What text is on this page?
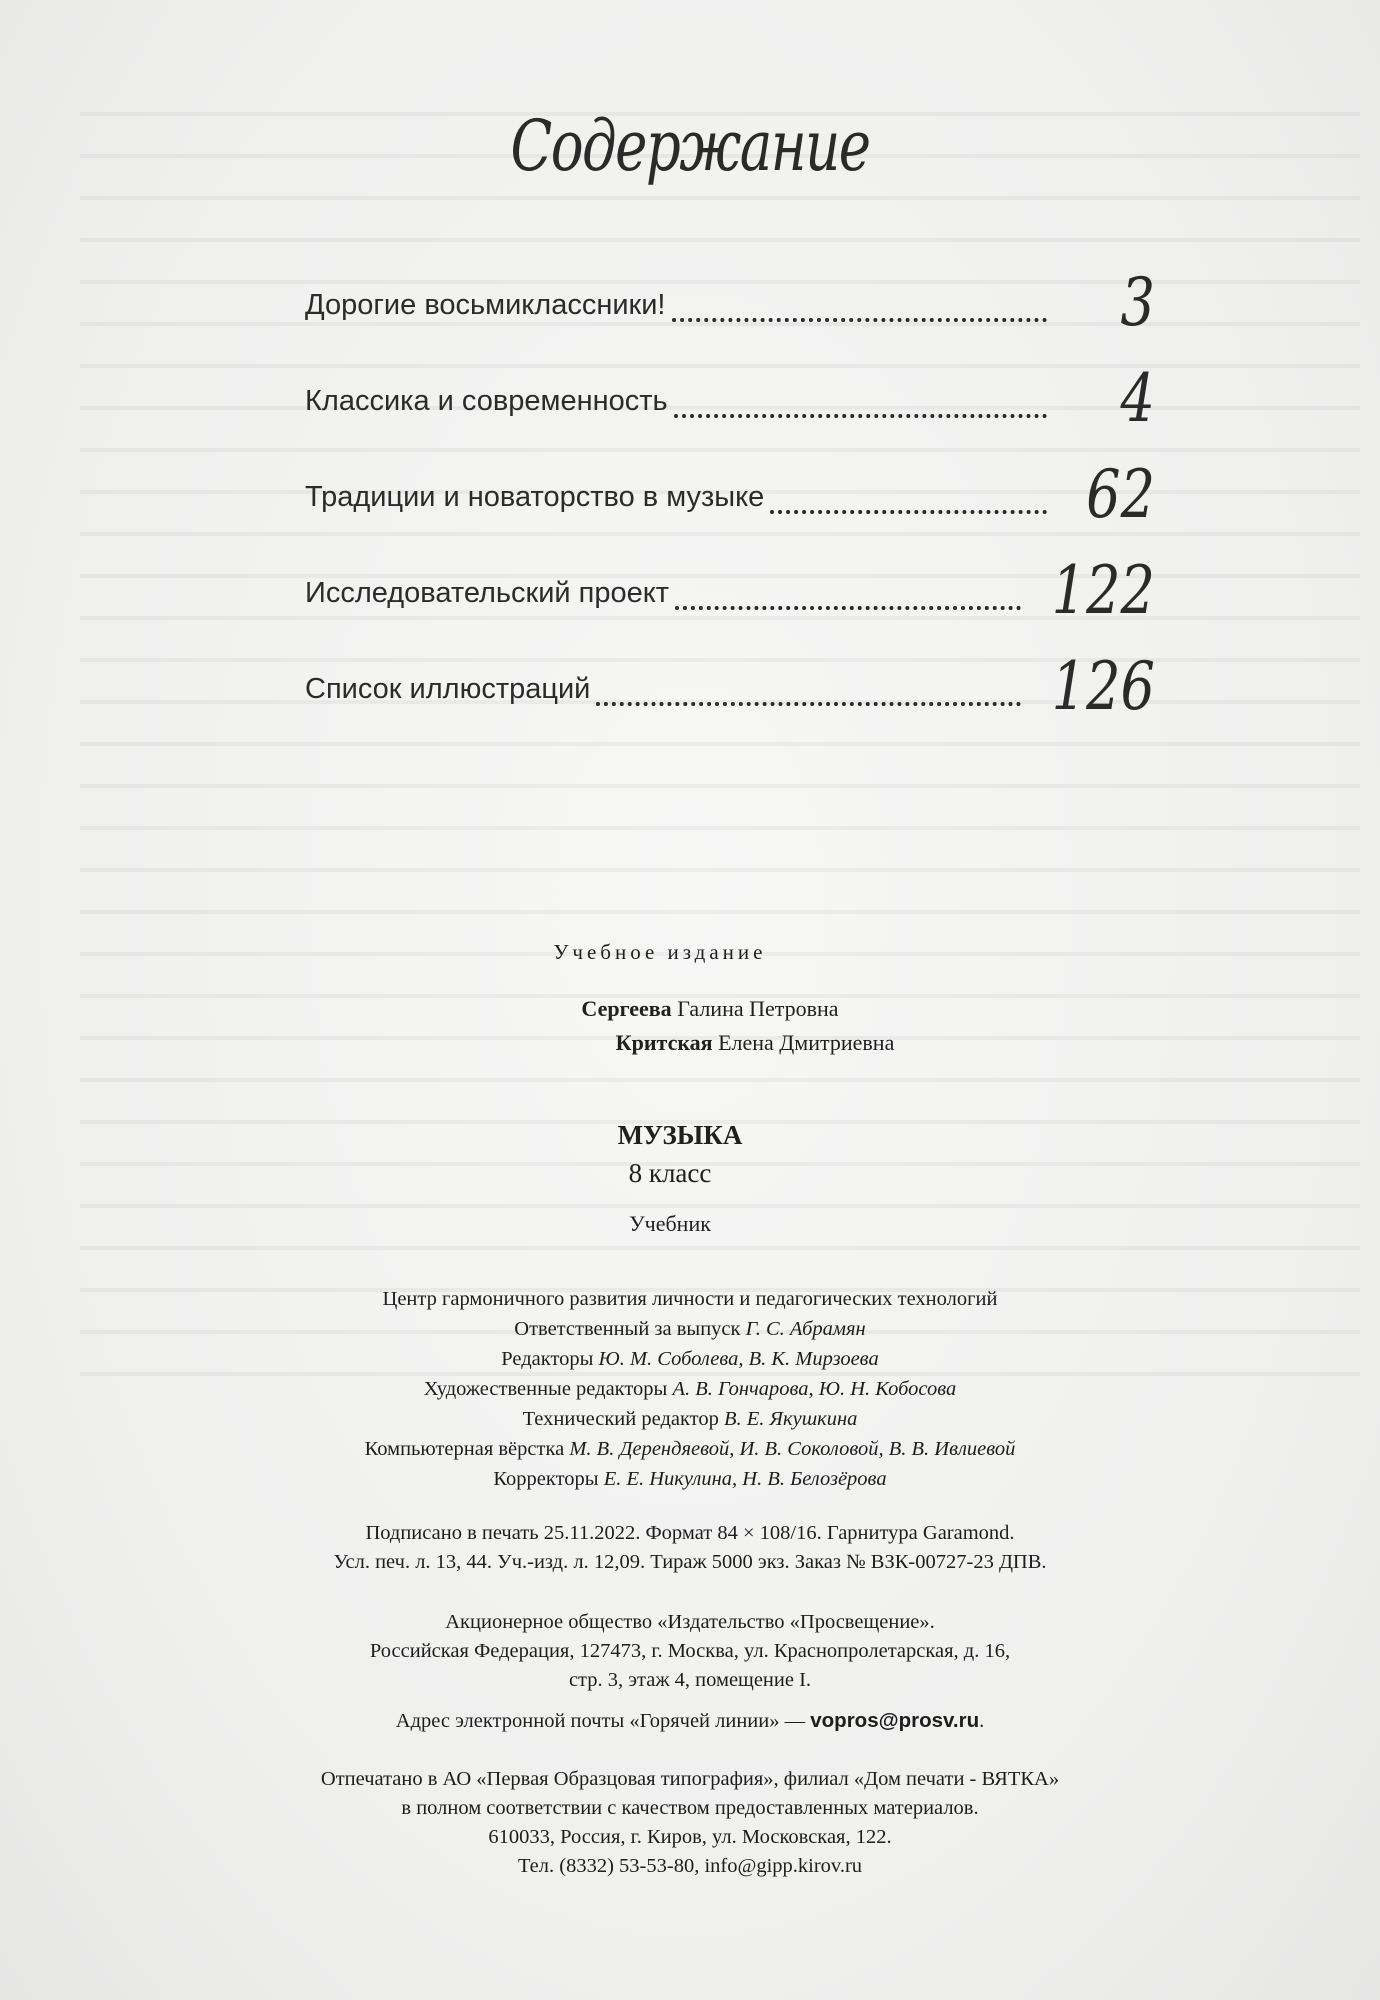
Содержание
Дорогие восьмиклассники!	3
Классика и современность	4
Традиции и новаторство в музыке	62
Исследовательский проект	122
Список иллюстраций	126
Учебное издание
Сергеева Галина Петровна
Критская Елена Дмитриевна
МУЗЫКА
8 класс
Учебник
Центр гармоничного развития личности и педагогических технологий
Ответственный за выпуск Г. С. Абрамян
Редакторы Ю. М. Соболева, В. К. Мирзоева
Художественные редакторы А. В. Гончарова, Ю. Н. Кобосова
Технический редактор В. Е. Якушкина
Компьютерная вёрстка М. В. Дерендяевой, И. В. Соколовой, В. В. Ивлиевой
Корректоры Е. Е. Никулина, Н. В. Белозёрова
Подписано в печать 25.11.2022. Формат 84 × 108/16. Гарнитура Garamond.
Усл. печ. л. 13, 44. Уч.-изд. л. 12,09. Тираж 5000 экз. Заказ № ВЗК-00727-23 ДПВ.
Акционерное общество «Издательство «Просвещение».
Российская Федерация, 127473, г. Москва, ул. Краснопролетарская, д. 16,
стр. 3, этаж 4, помещение I.
Адрес электронной почты «Горячей линии» — vopros@prosv.ru.
Отпечатано в АО «Первая Образцовая типография», филиал «Дом печати - ВЯТКА»
в полном соответствии с качеством предоставленных материалов.
610033, Россия, г. Киров, ул. Московская, 122.
Тел. (8332) 53-53-80, info@gipp.kirov.ru
